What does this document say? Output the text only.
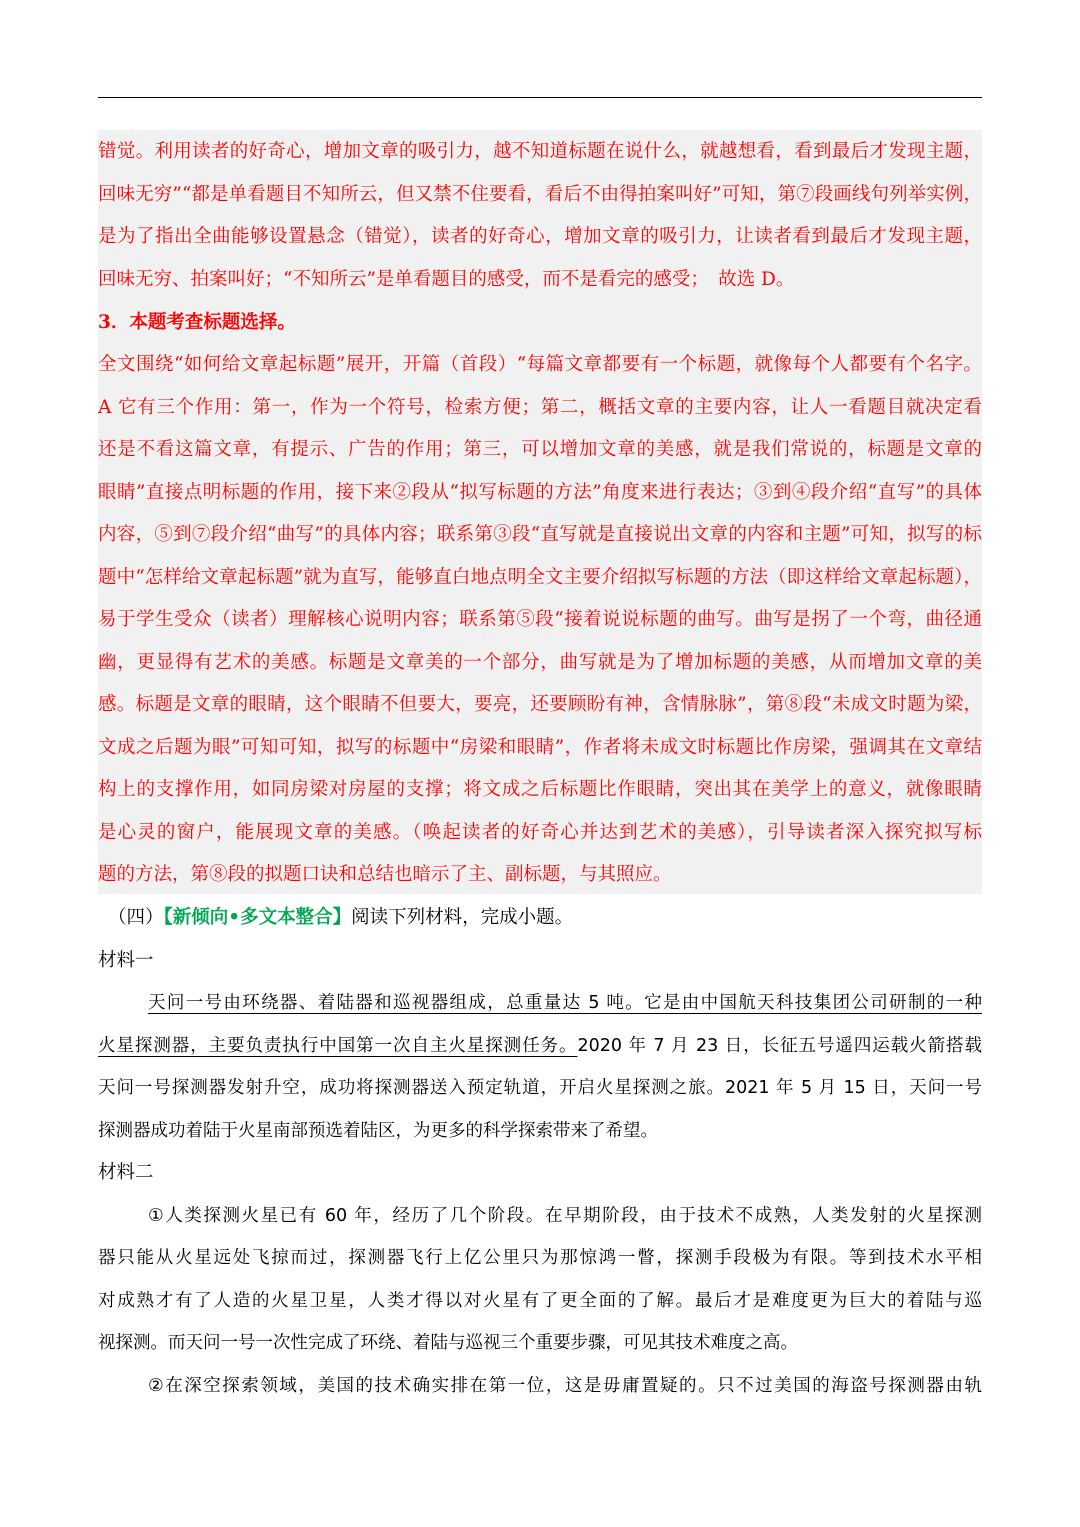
错觉。利用读者的好奇心，增加文章的吸引力，越不知道标题在说什么，就越想看，看到最后才发现主题，
回味无穷”“都是单看题目不知所云，但又禁不住要看，看后不由得拍案叫好”可知，第⑦段画线句列举实例，
是为了指出全曲能够设置悬念（错觉），读者的好奇心，增加文章的吸引力，让读者看到最后才发现主题，
回味无穷、拍案叫好；“不知所云”是单看题目的感受，而不是看完的感受；　故选 D。
3．本题考查标题选择。
全文围绕“如何给文章起标题”展开，开篇（首段）“每篇文章都要有一个标题，就像每个人都要有个名字。
A 它有三个作用：第一，作为一个符号，检索方便；第二，概括文章的主要内容，让人一看题目就决定看
还是不看这篇文章，有提示、广告的作用；第三，可以增加文章的美感，就是我们常说的，标题是文章的
眼睛”直接点明标题的作用，接下来②段从“拟写标题的方法”角度来进行表达；③到④段介绍“直写”的具体
内容，⑤到⑦段介绍“曲写”的具体内容；联系第③段“直写就是直接说出文章的内容和主题”可知，拟写的标
题中“怎样给文章起标题”就为直写，能够直白地点明全文主要介绍拟写标题的方法（即这样给文章起标题），
易于学生受众（读者）理解核心说明内容；联系第⑤段“接着说说标题的曲写。曲写是拐了一个弯，曲径通
幽，更显得有艺术的美感。标题是文章美的一个部分，曲写就是为了增加标题的美感，从而增加文章的美
感。标题是文章的眼睛，这个眼睛不但要大，要亮，还要顾盼有神，含情脉脉”，第⑧段“未成文时题为梁，
文成之后题为眼”可知可知，拟写的标题中“房梁和眼睛”，作者将未成文时标题比作房梁，强调其在文章结
构上的支撑作用，如同房梁对房屋的支撑；将文成之后标题比作眼睛，突出其在美学上的意义，就像眼睛
是心灵的窗户，能展现文章的美感。（唤起读者的好奇心并达到艺术的美感），引导读者深入探究拟写标
题的方法，第⑧段的拟题口诀和总结也暗示了主、副标题，与其照应。
（四）【新倾向•多文本整合】阅读下列材料，完成小题。
材料一
天问一号由环绕器、着陆器和巡视器组成，总重量达 5 吨。它是由中国航天科技集团公司研制的一种
火星探测器，主要负责执行中国第一次自主火星探测任务。2020 年 7 月 23 日，长征五号遥四运载火箭搭载
天问一号探测器发射升空，成功将探测器送入预定轨道，开启火星探测之旅。2021 年 5 月 15 日，天问一号
探测器成功着陆于火星南部预选着陆区，为更多的科学探索带来了希望。
材料二
①人类探测火星已有 60 年，经历了几个阶段。在早期阶段，由于技术不成熟，人类发射的火星探测
器只能从火星远处飞掠而过，探测器飞行上亿公里只为那惊鸿一瞥，探测手段极为有限。等到技术水平相
对成熟才有了人造的火星卫星，人类才得以对火星有了更全面的了解。最后才是难度更为巨大的着陆与巡
视探测。而天问一号一次性完成了环绕、着陆与巡视三个重要步骤，可见其技术难度之高。
②在深空探索领域，美国的技术确实排在第一位，这是毋庸置疑的。只不过美国的海盗号探测器由轨
